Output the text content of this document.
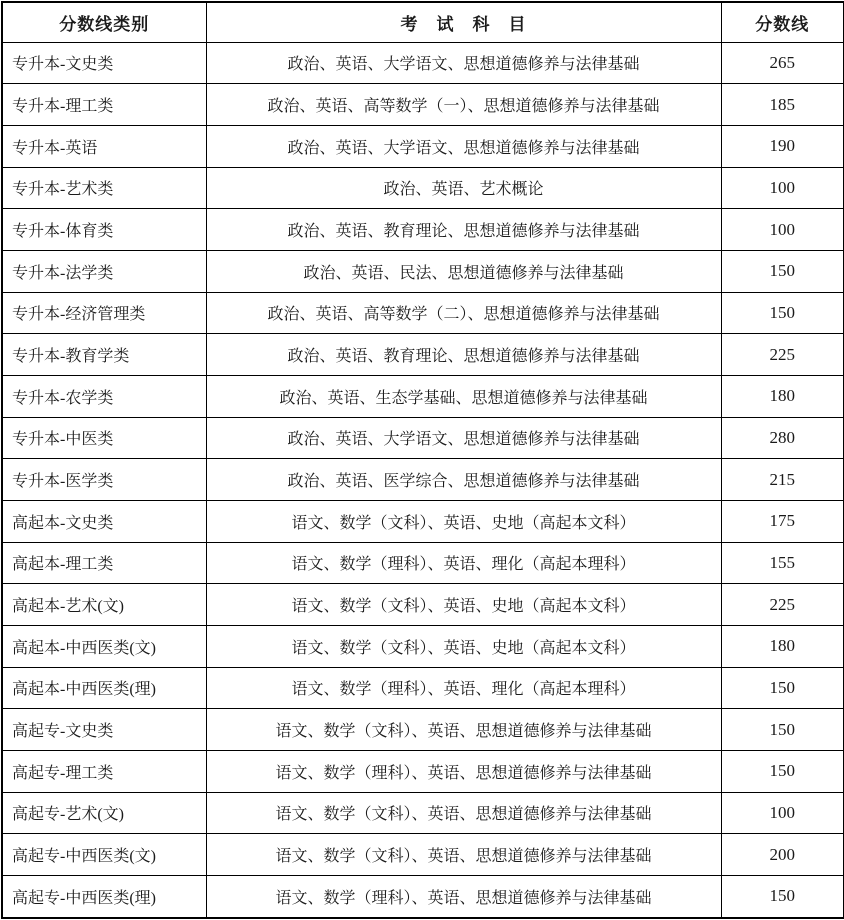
分数线类别	考　试　科　目	分数线
专升本-文史类	政治、英语、大学语文、思想道德修养与法律基础	265
专升本-理工类	政治、英语、高等数学（一）、思想道德修养与法律基础	185
专升本-英语	政治、英语、大学语文、思想道德修养与法律基础	190
专升本-艺术类	政治、英语、艺术概论	100
专升本-体育类	政治、英语、教育理论、思想道德修养与法律基础	100
专升本-法学类	政治、英语、民法、思想道德修养与法律基础	150
专升本-经济管理类	政治、英语、高等数学（二）、思想道德修养与法律基础	150
专升本-教育学类	政治、英语、教育理论、思想道德修养与法律基础	225
专升本-农学类	政治、英语、生态学基础、思想道德修养与法律基础	180
专升本-中医类	政治、英语、大学语文、思想道德修养与法律基础	280
专升本-医学类	政治、英语、医学综合、思想道德修养与法律基础	215
高起本-文史类	语文、数学（文科）、英语、史地（高起本文科）	175
高起本-理工类	语文、数学（理科）、英语、理化（高起本理科）	155
高起本-艺术(文)	语文、数学（文科）、英语、史地（高起本文科）	225
高起本-中西医类(文)	语文、数学（文科）、英语、史地（高起本文科）	180
高起本-中西医类(理)	语文、数学（理科）、英语、理化（高起本理科）	150
高起专-文史类	语文、数学（文科）、英语、思想道德修养与法律基础	150
高起专-理工类	语文、数学（理科）、英语、思想道德修养与法律基础	150
高起专-艺术(文)	语文、数学（文科）、英语、思想道德修养与法律基础	100
高起专-中西医类(文)	语文、数学（文科）、英语、思想道德修养与法律基础	200
高起专-中西医类(理)	语文、数学（理科）、英语、思想道德修养与法律基础	150
